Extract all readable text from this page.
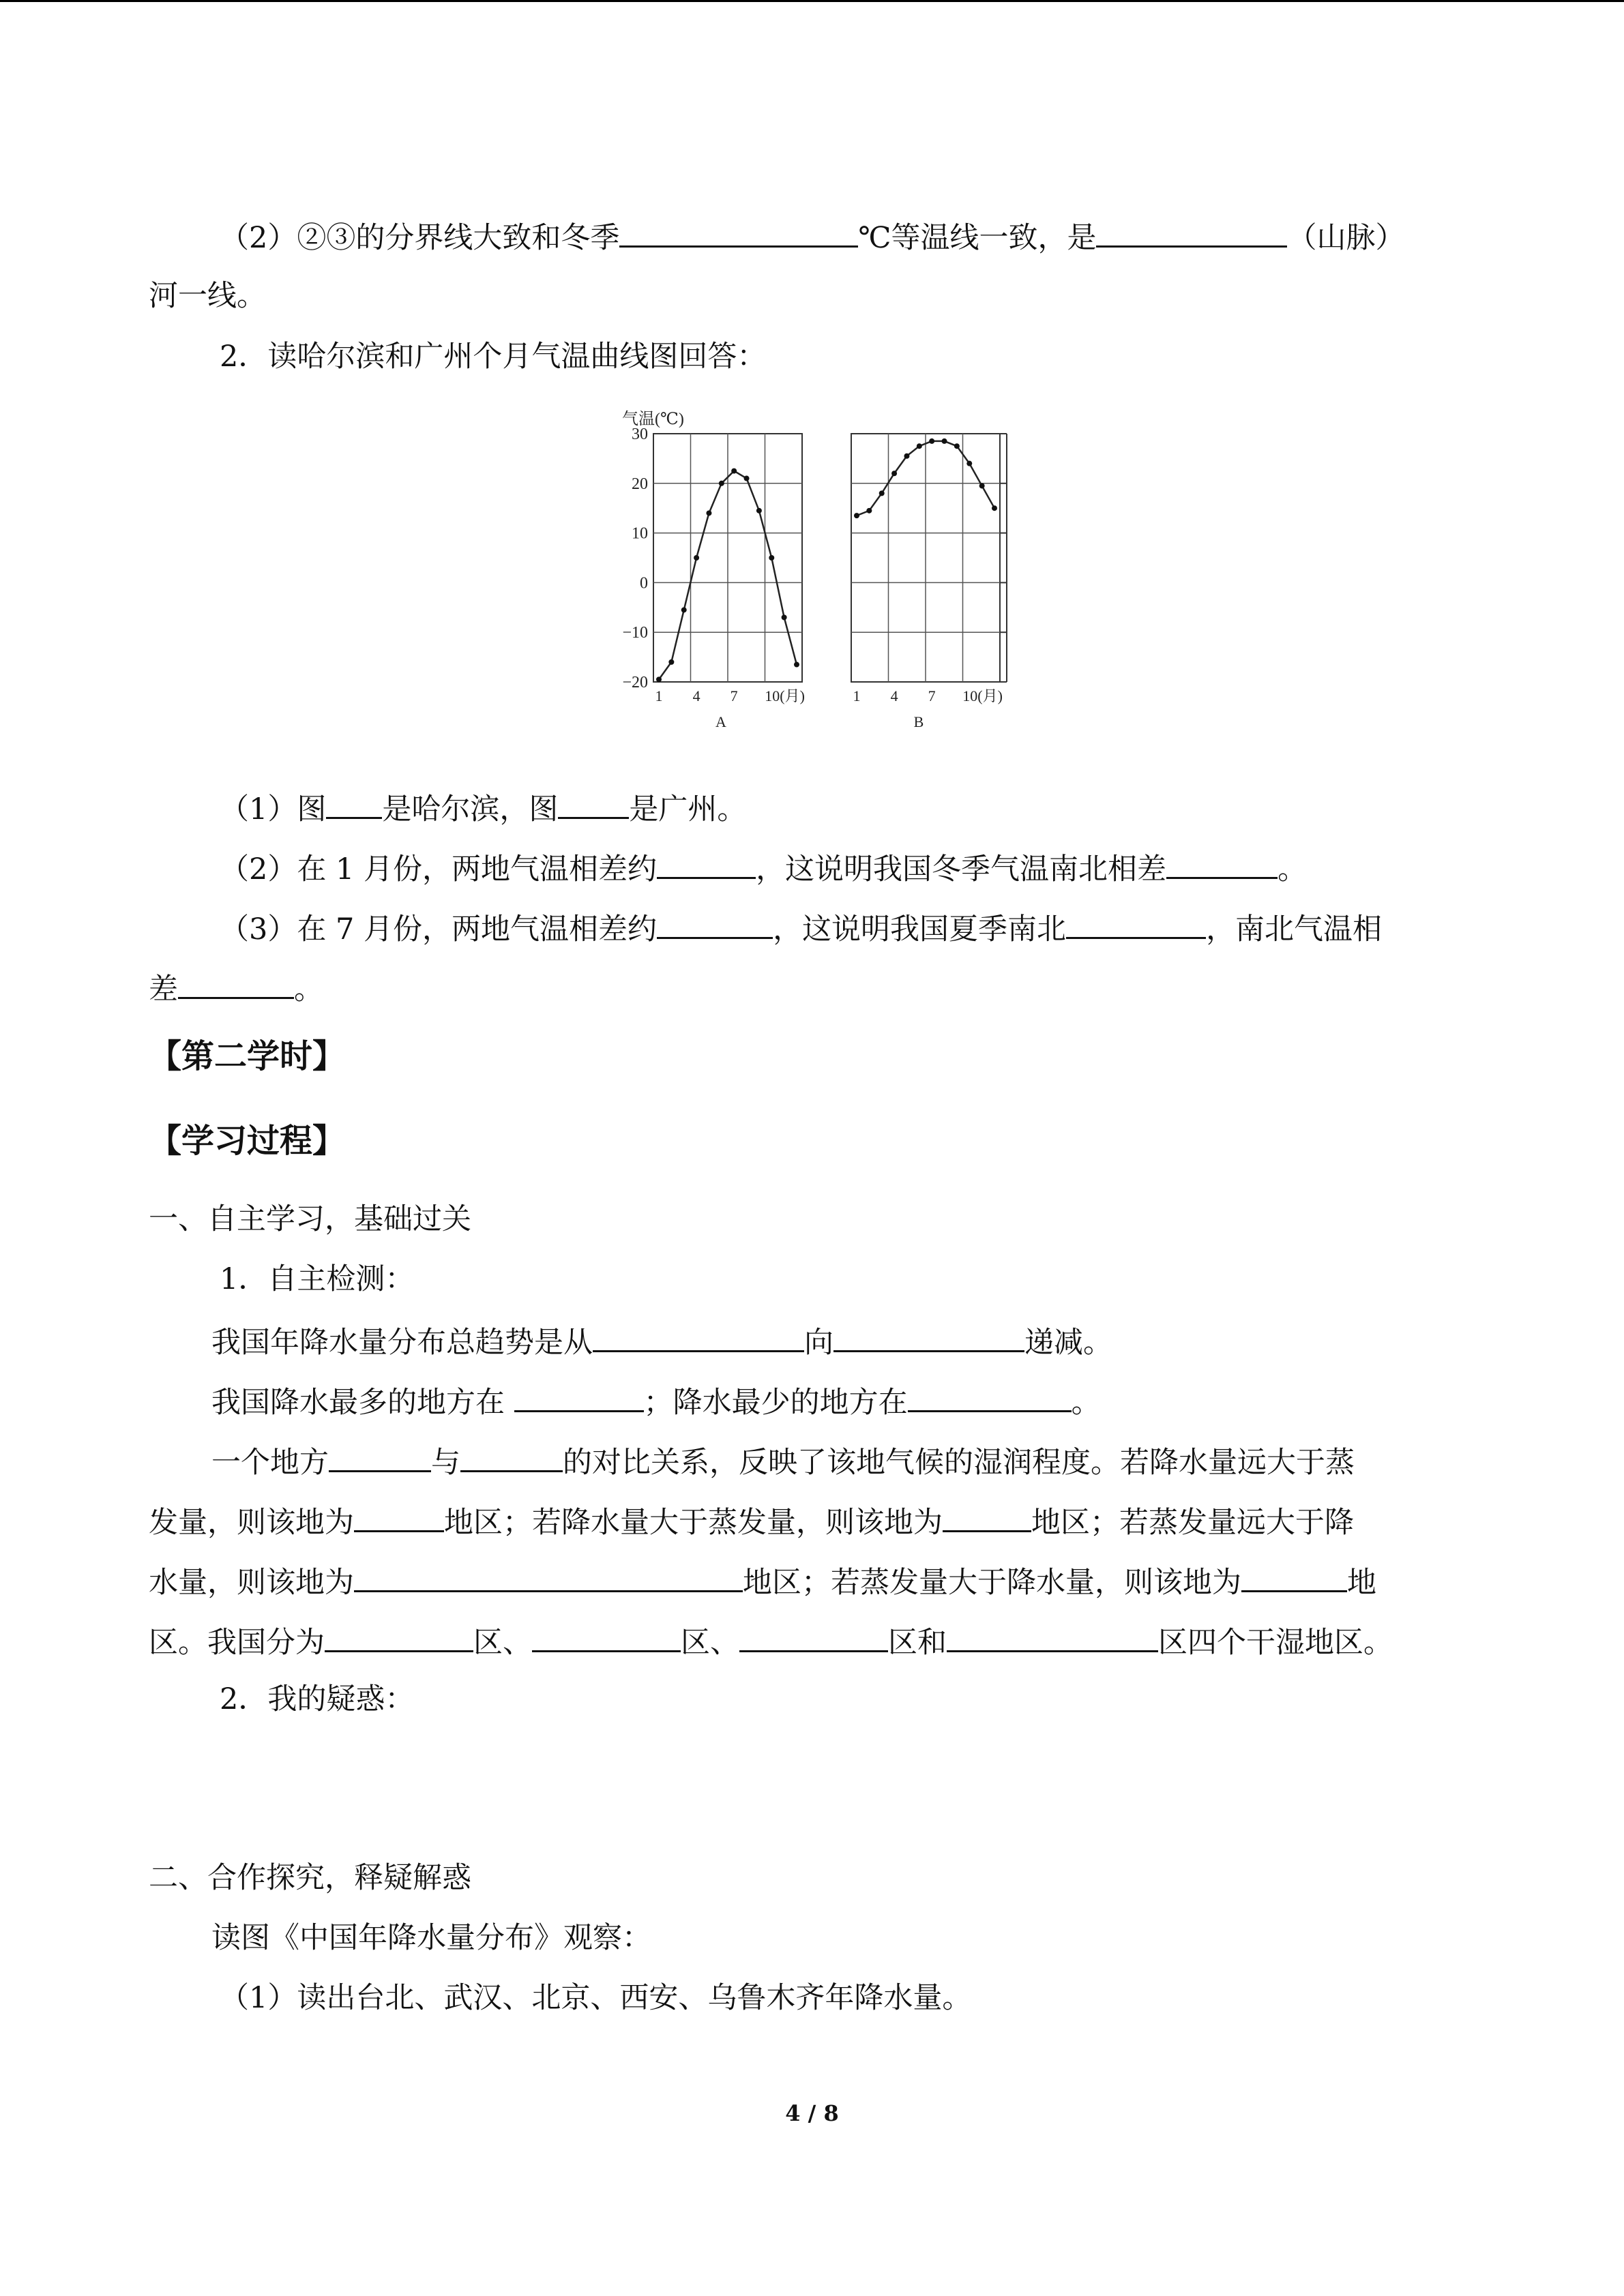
（2）②③的分界线大致和冬季	℃等温线一致，是	（山脉）
河一线。
2．读哈尔滨和广州个月气温曲线图回答：
气温(℃)
1 4 7 10(月)
A
1 4 7 10(月)
B
30
20
10
0
−10
−20
（1）图 是哈尔滨，图 是广州。
（2）在 1 月份，两地气温相差约	，这说明我国冬季气温南北相差	。
（3）在 7 月份，两地气温相差约	，这说明我国夏季南北	，南北气温相
差	。
【第二学时】
【学习过程】
一、自主学习，基础过关
1．自主检测：
我国年降水量分布总趋势是从	向	递减。
我国降水最多的地方在	；降水最少的地方在	。
一个地方	与	的对比关系，反映了该地气候的湿润程度。若降水量远大于蒸
发量，则该地为	地区；若降水量大于蒸发量，则该地为	地区；若蒸发量远大于降
水量，则该地为	地区；若蒸发量大于降水量，则该地为	地
区。我国分为	区、	区、	区和	区四个干湿地区。
2．我的疑惑：
二、合作探究，释疑解惑
读图《中国年降水量分布》观察：
（1）读出台北、武汉、北京、西安、乌鲁木齐年降水量。
4 / 8
